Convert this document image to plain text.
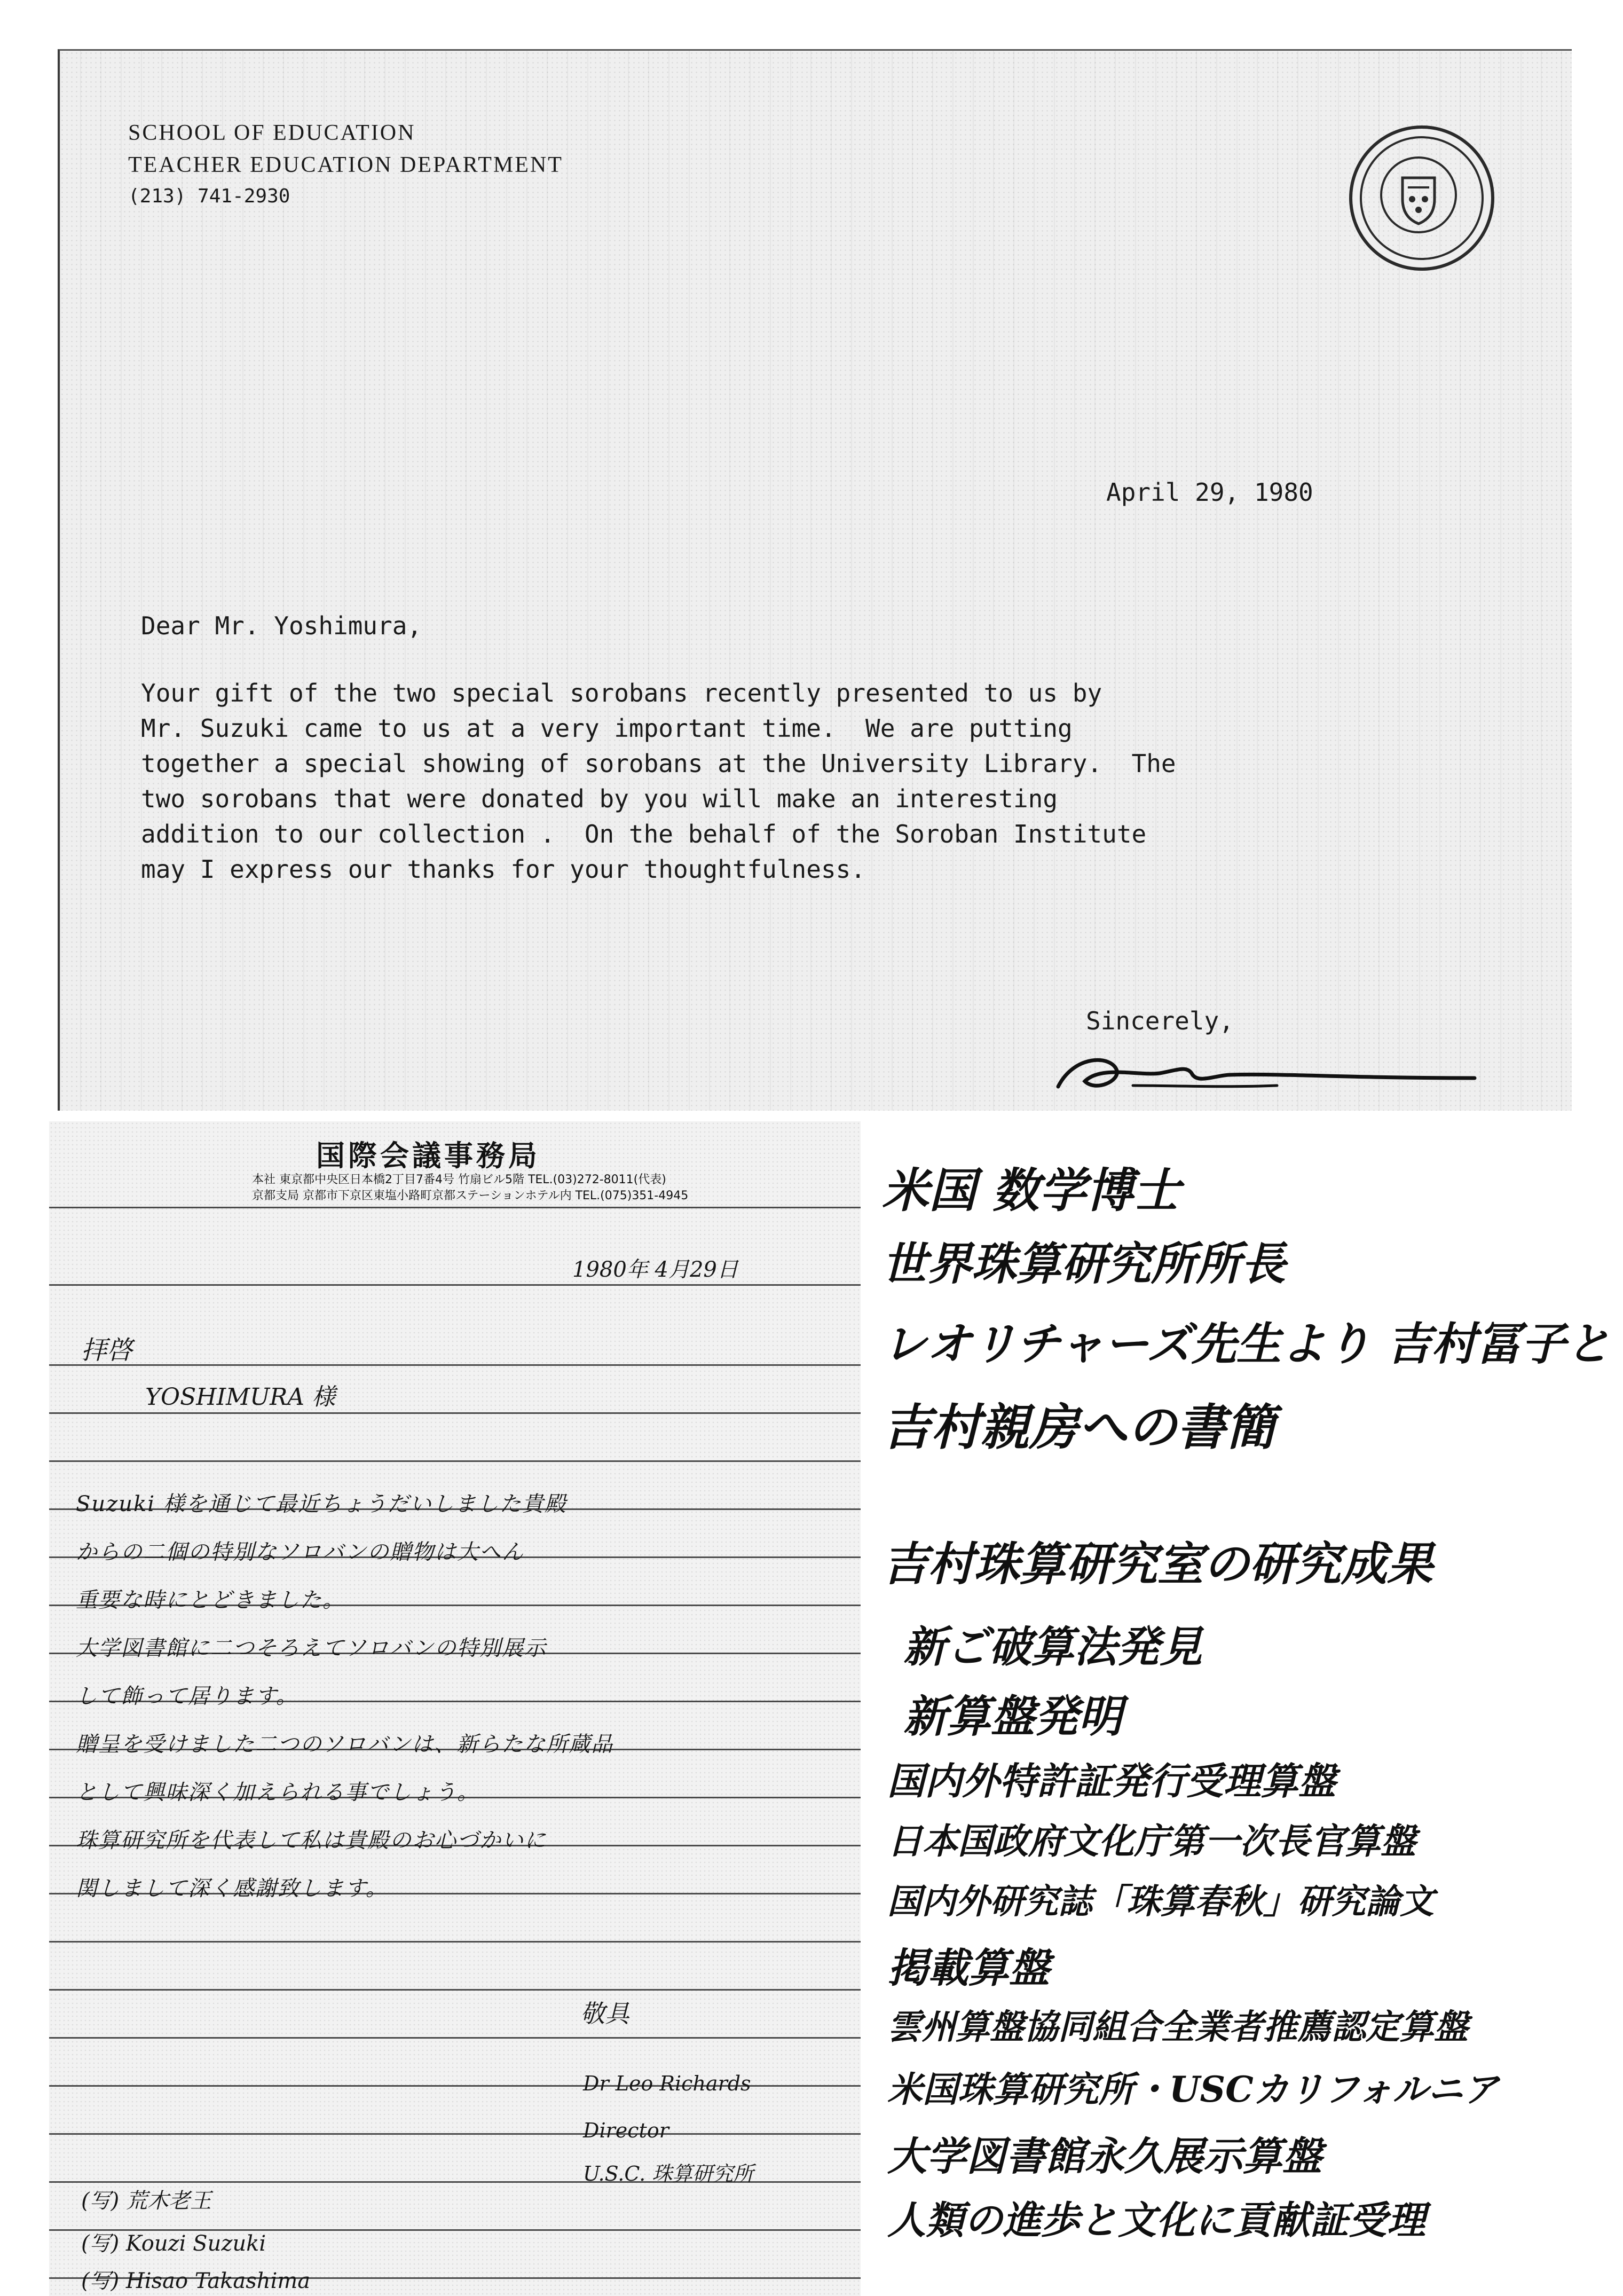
SCHOOL OF EDUCATION
TEACHER EDUCATION DEPARTMENT
(213) 741-2930
April 29, 1980
Dear Mr. Yoshimura,
Your gift of the two special sorobans recently presented to us by
Mr. Suzuki came to us at a very important time.  We are putting
together a special showing of sorobans at the University Library.  The
two sorobans that were donated by you will make an interesting
addition to our collection .  On the behalf of the Soroban Institute
may I express our thanks for your thoughtfulness.
Sincerely,
国際会議事務局
本社 東京都中央区日本橋2丁目7番4号 竹扇ビル5階 TEL.(03)272-8011(代表)
京都支局 京都市下京区東塩小路町京都ステーションホテル内 TEL.(075)351-4945
1980年 4月29日
拝啓
YOSHIMURA 様
Suzuki 様を通じて最近ちょうだいしました貴殿
からの二個の特別なソロバンの贈物は大へん
重要な時にとどきました。
大学図書館に二つそろえてソロバンの特別展示
して飾って居ります。
贈呈を受けました二つのソロバンは、新らたな所蔵品
として興味深く加えられる事でしょう。
珠算研究所を代表して私は貴殿のお心づかいに
関しまして深く感謝致します。
敬具
Dr Leo Richards
Director
U.S.C. 珠算研究所
(写) 荒木老王
(写) Kouzi Suzuki
(写) Hisao Takashima
米国 数学博士
世界珠算研究所所長
レオリチャーズ先生より 吉村冨子と
吉村親房への書簡
吉村珠算研究室の研究成果
新ご破算法発見
新算盤発明
国内外特許証発行受理算盤
日本国政府文化庁第一次長官算盤
国内外研究誌「珠算春秋」研究論文
掲載算盤
雲州算盤協同組合全業者推薦認定算盤
米国珠算研究所・USCカリフォルニア
大学図書館永久展示算盤
人類の進歩と文化に貢献証受理
